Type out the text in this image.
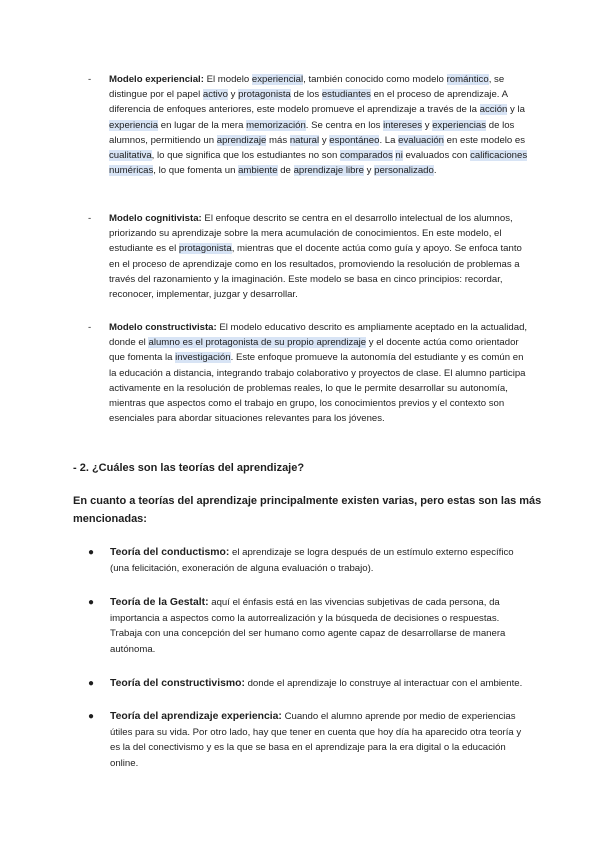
- Modelo experiencial: El modelo experiencial, también conocido como modelo romántico, se distingue por el papel activo y protagonista de los estudiantes en el proceso de aprendizaje. A diferencia de enfoques anteriores, este modelo promueve el aprendizaje a través de la acción y la experiencia en lugar de la mera memorización. Se centra en los intereses y experiencias de los alumnos, permitiendo un aprendizaje más natural y espontáneo. La evaluación en este modelo es cualitativa, lo que significa que los estudiantes no son comparados ni evaluados con calificaciones numéricas, lo que fomenta un ambiente de aprendizaje libre y personalizado.
- Modelo cognitivista: El enfoque descrito se centra en el desarrollo intelectual de los alumnos, priorizando su aprendizaje sobre la mera acumulación de conocimientos. En este modelo, el estudiante es el protagonista, mientras que el docente actúa como guía y apoyo. Se enfoca tanto en el proceso de aprendizaje como en los resultados, promoviendo la resolución de problemas a través del razonamiento y la imaginación. Este modelo se basa en cinco principios: recordar, reconocer, implementar, juzgar y desarrollar.
- Modelo constructivista: El modelo educativo descrito es ampliamente aceptado en la actualidad, donde el alumno es el protagonista de su propio aprendizaje y el docente actúa como orientador que fomenta la investigación. Este enfoque promueve la autonomía del estudiante y es común en la educación a distancia, integrando trabajo colaborativo y proyectos de clase. El alumno participa activamente en la resolución de problemas reales, lo que le permite desarrollar su autonomía, mientras que aspectos como el trabajo en grupo, los conocimientos previos y el contexto son esenciales para abordar situaciones relevantes para los jóvenes.
- 2. ¿Cuáles son las teorías del aprendizaje?
En cuanto a teorías del aprendizaje principalmente existen varias, pero estas son las más mencionadas:
● Teoría del conductismo: el aprendizaje se logra después de un estímulo externo específico (una felicitación, exoneración de alguna evaluación o trabajo).
● Teoría de la Gestalt: aquí el énfasis está en las vivencias subjetivas de cada persona, da importancia a aspectos como la autorrealización y la búsqueda de decisiones o respuestas. Trabaja con una concepción del ser humano como agente capaz de desarrollarse de manera autónoma.
● Teoría del constructivismo: donde el aprendizaje lo construye al interactuar con el ambiente.
● Teoría del aprendizaje experiencia: Cuando el alumno aprende por medio de experiencias útiles para su vida. Por otro lado, hay que tener en cuenta que hoy día ha aparecido otra teoría y es la del conectivismo y es la que se basa en el aprendizaje para la era digital o la educación online.
